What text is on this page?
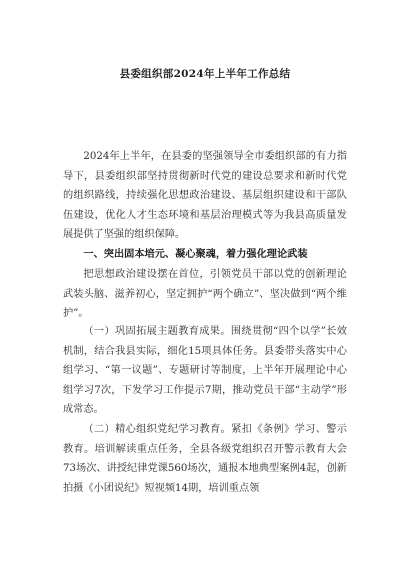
县委组织部2024年上半年工作总结

2024年上半年，在县委的坚强领导全市委组织部的有力指导下，县委组织部坚持贯彻新时代党的建设总要求和新时代党的组织路线，持续强化思想政治建设、基层组织建设和干部队伍建设，优化人才生态环境和基层治理模式等为我县高质量发展提供了坚强的组织保障。

一、突出固本培元、凝心聚魂，着力强化理论武装

把思想政治建设摆在首位，引领党员干部以党的创新理论武装头脑、滋养初心，坚定拥护“两个确立”、坚决做到“两个维护”。

（一）巩固拓展主题教育成果。围绕贯彻“四个以学”长效机制，结合我县实际，细化15项具体任务。县委带头落实中心组学习、“第一议题”、专题研讨等制度，上半年开展理论中心组学习7次，下发学习工作提示7期，推动党员干部“主动学”形成常态。

（二）精心组织党纪学习教育。紧扣《条例》学习、警示教育。培训解读重点任务，全县各级党组织召开警示教育大会73场次、讲授纪律党课560场次，通报本地典型案例4起，创新拍摄《小团说纪》短视频14期，培训重点领
